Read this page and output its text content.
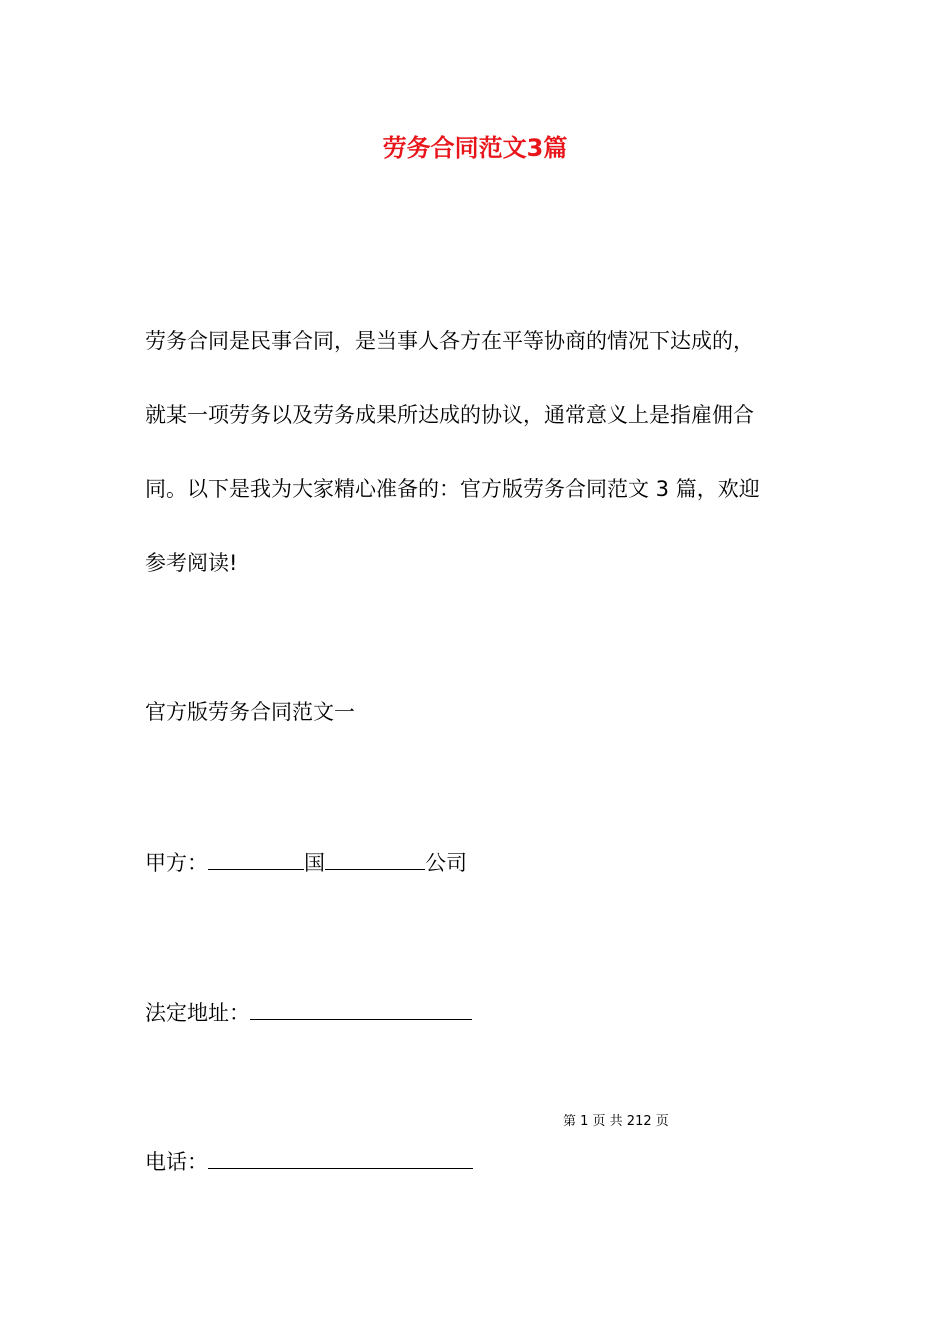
劳务合同范文3篇
劳务合同是民事合同，是当事人各方在平等协商的情况下达成的，
就某一项劳务以及劳务成果所达成的协议，通常意义上是指雇佣合
同。以下是我为大家精心准备的：官方版劳务合同范文 3 篇，欢迎
参考阅读!
官方版劳务合同范文一
甲方：	国	公司
法定地址：
第 1 页 共 212 页
电话：
